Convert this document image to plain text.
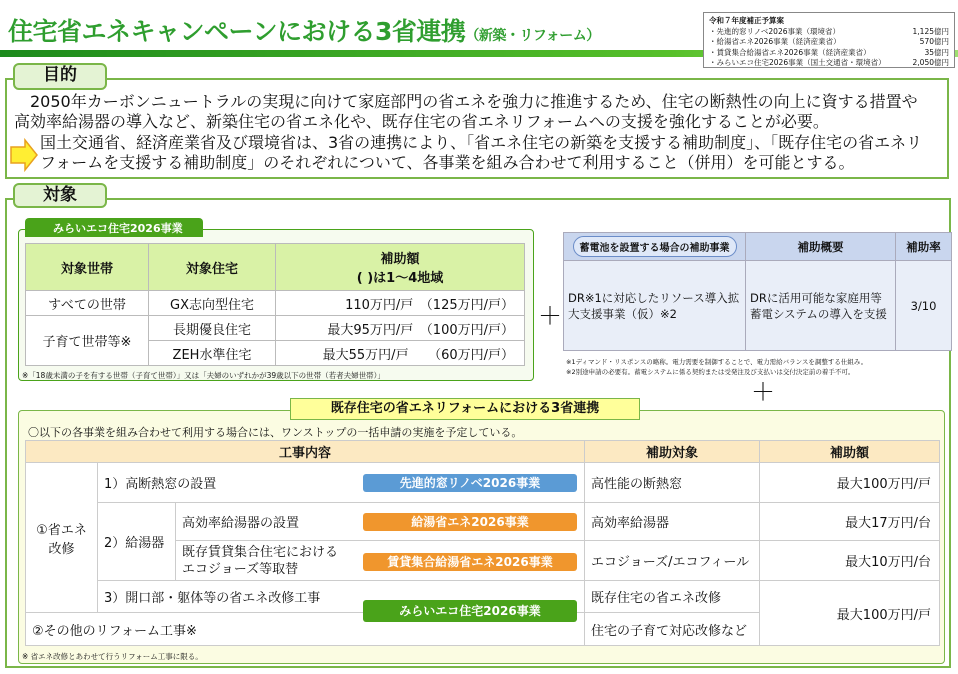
住宅省エネキャンペーンにおける3省連携（新築・リフォーム）
令和７年度補正予算案
・先進的窓リノベ2026事業（環境省）	1,125億円
・給湯省エネ2026事業（経済産業省）	570億円
・賃貸集合給湯省エネ2026事業（経済産業省）	35億円
・みらいエコ住宅2026事業（国土交通省・環境省）	2,050億円
目的
　2050年カーボンニュートラルの実現に向けて家庭部門の省エネを強力に推進するため、住宅の断熱性の向上に資する措置や
高効率給湯器の導入など、新築住宅の省エネ化や、既存住宅の省エネリフォームへの支援を強化することが必要。
国土交通省、経済産業省及び環境省は、3省の連携により、「省エネ住宅の新築を支援する補助制度」、「既存住宅の省エネリ
フォームを支援する補助制度」のそれぞれについて、各事業を組み合わせて利用すること（併用）を可能とする。
対象
みらいエコ住宅2026事業
対象世帯	対象住宅	補助額
( )は1～4地域
すべての世帯	GX志向型住宅	110万円/戸　（125万円/戸）
子育て世帯等※	長期優良住宅	最大95万円/戸　（100万円/戸）
	ZEH水準住宅	最大55万円/戸　　（60万円/戸）
※「18歳未満の子を有する世帯（子育て世帯）」又は「夫婦のいずれかが39歳以下の世帯（若者夫婦世帯）」
＋
蓄電池を設置する場合の補助事業	補助概要	補助率
DR※1に対応したリソース導入拡大支援事業（仮）※2	DRに活用可能な家庭用等蓄電システムの導入を支援	3/10
※1ディマンド・リスポンスの略称。電力需要を制御することで、電力需給バランスを調整する仕組み。
※2別途申請の必要有。蓄電システムに係る契約または受発注及び支払いは交付決定前の着手不可。
＋
既存住宅の省エネリフォームにおける3省連携
〇以下の各事業を組み合わせて利用する場合には、ワンストップの一括申請の実施を予定している。
工事内容			補助対象	補助額
①省エネ改修	1）高断熱窓の設置		高性能の断熱窓	最大100万円/戸
	2）給湯器	高効率給湯器の設置	高効率給湯器	最大17万円/台
		既存賃貸集合住宅におけるエコジョーズ等取替	エコジョーズ/エコフィール	最大10万円/台
	3）開口部・躯体等の省エネ改修工事		既存住宅の省エネ改修	最大100万円/戸
②その他のリフォーム工事※			住宅の子育て対応改修など	
先進的窓リノベ2026事業
給湯省エネ2026事業
賃貸集合給湯省エネ2026事業
みらいエコ住宅2026事業
※ 省エネ改修とあわせて行うリフォーム工事に限る。
